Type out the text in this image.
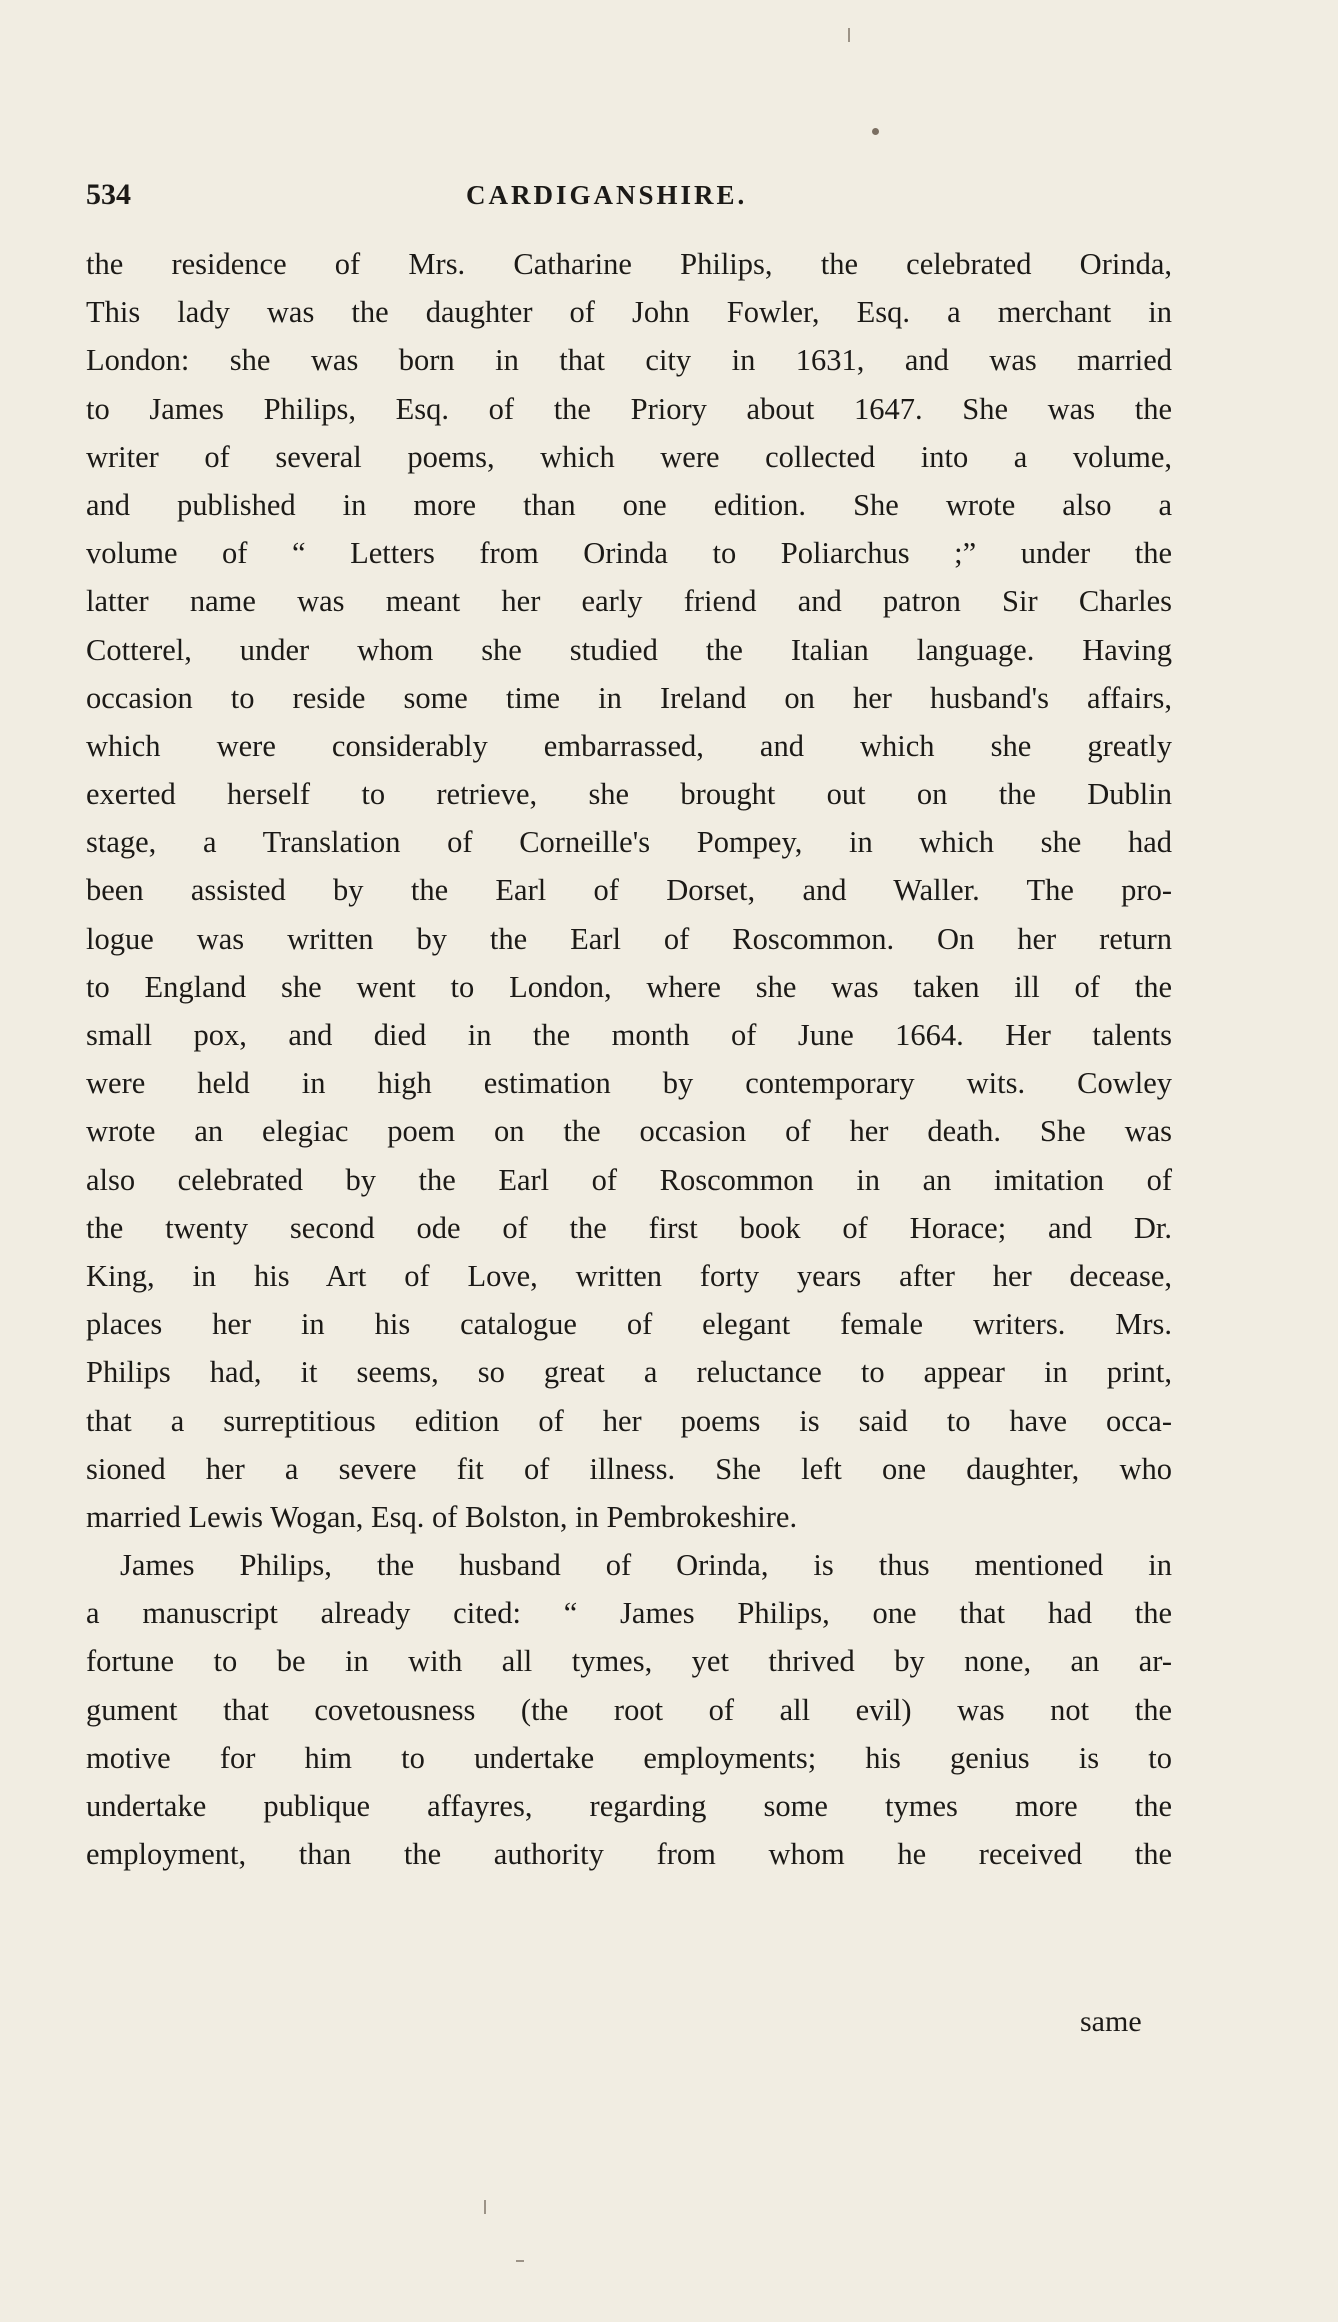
534	CARDIGANSHIRE.
the residence of Mrs. Catharine Philips, the celebrated Orinda,
This lady was the daughter of John Fowler, Esq. a merchant in
London: she was born in that city in 1631, and was married
to James Philips, Esq. of the Priory about 1647. She was the
writer of several poems, which were collected into a volume,
and published in more than one edition. She wrote also a
volume of “ Letters from Orinda to Poliarchus ;” under the
latter name was meant her early friend and patron Sir Charles
Cotterel, under whom she studied the Italian language. Having
occasion to reside some time in Ireland on her husband's affairs,
which were considerably embarrassed, and which she greatly
exerted herself to retrieve, she brought out on the Dublin
stage, a Translation of Corneille's Pompey, in which she had
been assisted by the Earl of Dorset, and Waller. The pro-
logue was written by the Earl of Roscommon. On her return
to England she went to London, where she was taken ill of the
small pox, and died in the month of June 1664. Her talents
were held in high estimation by contemporary wits. Cowley
wrote an elegiac poem on the occasion of her death. She was
also celebrated by the Earl of Roscommon in an imitation of
the twenty second ode of the first book of Horace; and Dr.
King, in his Art of Love, written forty years after her decease,
places her in his catalogue of elegant female writers. Mrs.
Philips had, it seems, so great a reluctance to appear in print,
that a surreptitious edition of her poems is said to have occa-
sioned her a severe fit of illness. She left one daughter, who
married Lewis Wogan, Esq. of Bolston, in Pembrokeshire.
James Philips, the husband of Orinda, is thus mentioned in
a manuscript already cited: “ James Philips, one that had the
fortune to be in with all tymes, yet thrived by none, an ar-
gument that covetousness (the root of all evil) was not the
motive for him to undertake employments; his genius is to
undertake publique affayres, regarding some tymes more the
employment, than the authority from whom he received the
same
